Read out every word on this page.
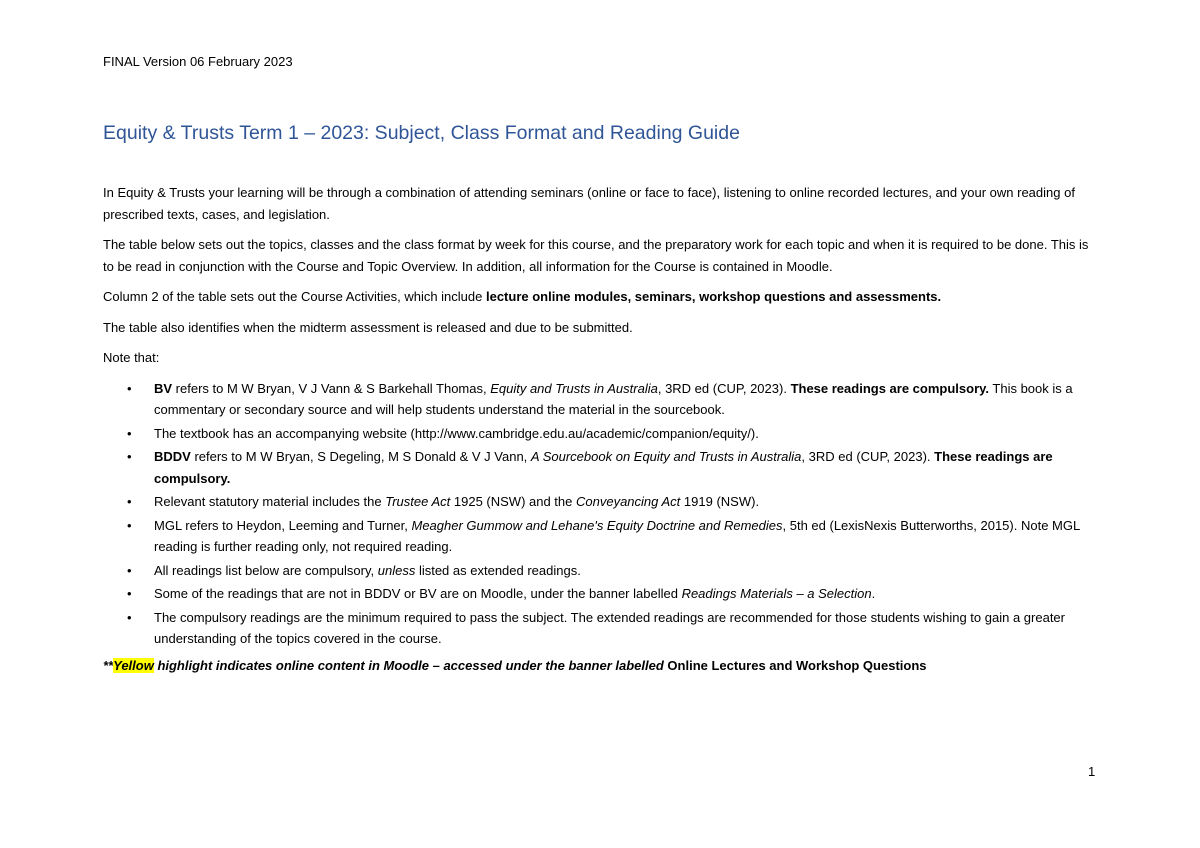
FINAL Version 06 February 2023
Equity & Trusts Term 1 – 2023: Subject, Class Format and Reading Guide

In Equity & Trusts your learning will be through a combination of attending seminars (online or face to face), listening to online recorded lectures, and your own reading of prescribed texts, cases, and legislation.

The table below sets out the topics, classes and the class format by week for this course, and the preparatory work for each topic and when it is required to be done. This is to be read in conjunction with the Course and Topic Overview. In addition, all information for the Course is contained in Moodle.

Column 2 of the table sets out the Course Activities, which include lecture online modules, seminars, workshop questions and assessments.

The table also identifies when the midterm assessment is released and due to be submitted.

Note that:

• BV refers to M W Bryan, V J Vann & S Barkehall Thomas, Equity and Trusts in Australia, 3RD ed (CUP, 2023). These readings are compulsory. This book is a commentary or secondary source and will help students understand the material in the sourcebook.
• The textbook has an accompanying website (http://www.cambridge.edu.au/academic/companion/equity/).
• BDDV refers to M W Bryan, S Degeling, M S Donald & V J Vann, A Sourcebook on Equity and Trusts in Australia, 3RD ed (CUP, 2023). These readings are compulsory.
• Relevant statutory material includes the Trustee Act 1925 (NSW) and the Conveyancing Act 1919 (NSW).
• MGL refers to Heydon, Leeming and Turner, Meagher Gummow and Lehane's Equity Doctrine and Remedies, 5th ed (LexisNexis Butterworths, 2015). Note MGL reading is further reading only, not required reading.
• All readings list below are compulsory, unless listed as extended readings.
• Some of the readings that are not in BDDV or BV are on Moodle, under the banner labelled Readings Materials – a Selection.
• The compulsory readings are the minimum required to pass the subject. The extended readings are recommended for those students wishing to gain a greater understanding of the topics covered in the course.

**Yellow highlight indicates online content in Moodle – accessed under the banner labelled Online Lectures and Workshop Questions

1
